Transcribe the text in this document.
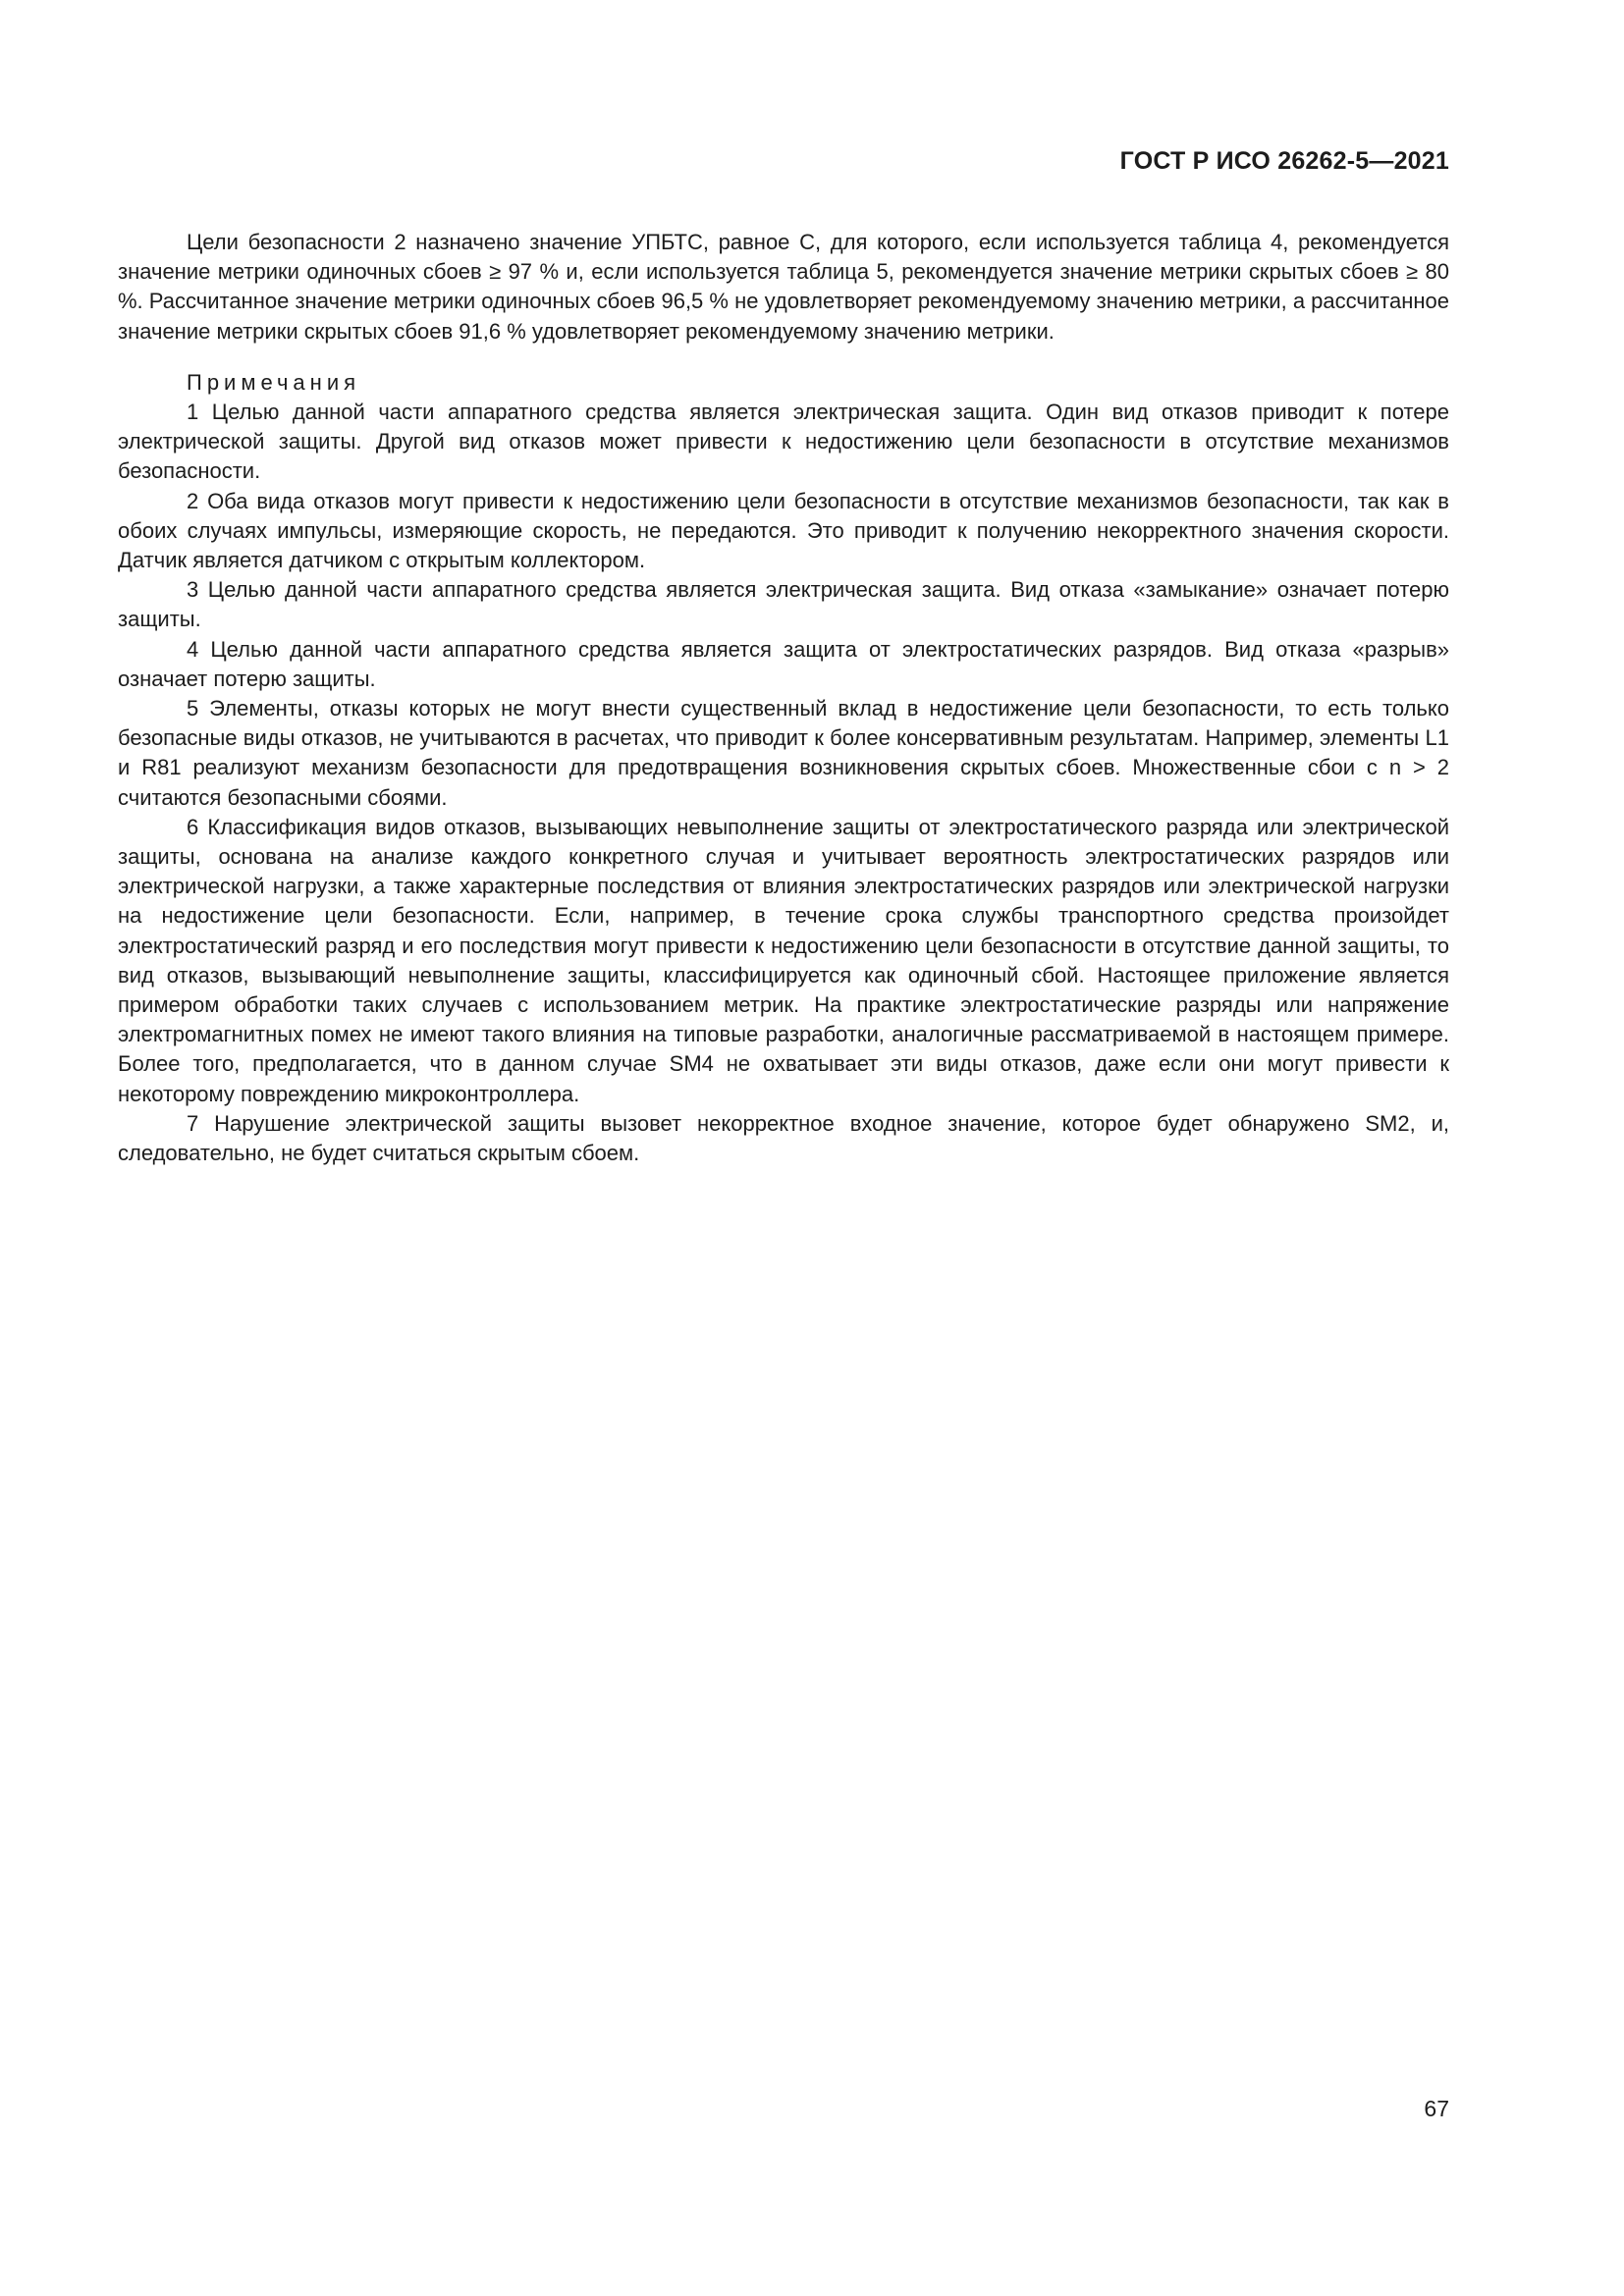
ГОСТ Р ИСО 26262-5—2021

Цели безопасности 2 назначено значение УПБТС, равное С, для которого, если используется таблица 4, рекомендуется значение метрики одиночных сбоев ≥ 97 % и, если используется таблица 5, рекомендуется значение метрики скрытых сбоев ≥ 80 %. Рассчитанное значение метрики одиночных сбоев 96,5 % не удовлетворяет рекомендуемому значению метрики, а рассчитанное значение метрики скрытых сбоев 91,6 % удовлетворяет рекомендуемому значению метрики.

Примечания

1 Целью данной части аппаратного средства является электрическая защита. Один вид отказов приводит к потере электрической защиты. Другой вид отказов может привести к недостижению цели безопасности в отсутствие механизмов безопасности.

2 Оба вида отказов могут привести к недостижению цели безопасности в отсутствие механизмов безопасности, так как в обоих случаях импульсы, измеряющие скорость, не передаются. Это приводит к получению некорректного значения скорости. Датчик является датчиком с открытым коллектором.

3 Целью данной части аппаратного средства является электрическая защита. Вид отказа «замыкание» означает потерю защиты.

4 Целью данной части аппаратного средства является защита от электростатических разрядов. Вид отказа «разрыв» означает потерю защиты.

5 Элементы, отказы которых не могут внести существенный вклад в недостижение цели безопасности, то есть только безопасные виды отказов, не учитываются в расчетах, что приводит к более консервативным результатам. Например, элементы L1 и R81 реализуют механизм безопасности для предотвращения возникновения скрытых сбоев. Множественные сбои с n > 2 считаются безопасными сбоями.

6 Классификация видов отказов, вызывающих невыполнение защиты от электростатического разряда или электрической защиты, основана на анализе каждого конкретного случая и учитывает вероятность электростатических разрядов или электрической нагрузки, а также характерные последствия от влияния электростатических разрядов или электрической нагрузки на недостижение цели безопасности. Если, например, в течение срока службы транспортного средства произойдет электростатический разряд и его последствия могут привести к недостижению цели безопасности в отсутствие данной защиты, то вид отказов, вызывающий невыполнение защиты, классифицируется как одиночный сбой. Настоящее приложение является примером обработки таких случаев с использованием метрик. На практике электростатические разряды или напряжение электромагнитных помех не имеют такого влияния на типовые разработки, аналогичные рассматриваемой в настоящем примере. Более того, предполагается, что в данном случае SM4 не охватывает эти виды отказов, даже если они могут привести к некоторому повреждению микроконтроллера.

7 Нарушение электрической защиты вызовет некорректное входное значение, которое будет обнаружено SM2, и, следовательно, не будет считаться скрытым сбоем.

67
